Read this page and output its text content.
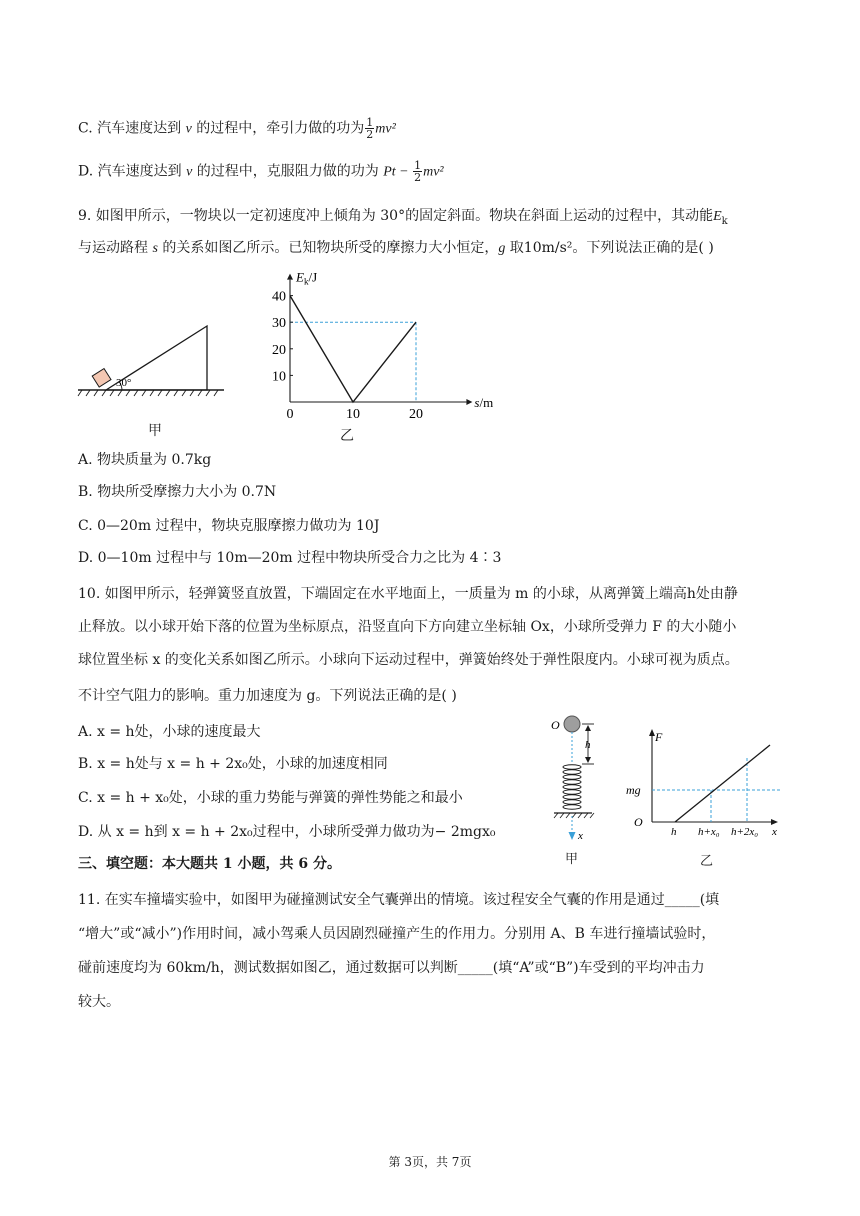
C. 汽车速度达到 v 的过程中，牵引力做的功为 $\frac{1}{2} mv^2$
D. 汽车速度达到 v 的过程中，克服阻力做的功为 $Pt - \frac{1}{2} mv^2$
9. 如图甲所示，一物块以一定初速度冲上倾角为 30°的固定斜面。物块在斜面上运动的过程中，其动能$E_k$
与运动路程 s 的关系如图乙所示。已知物块所受的摩擦力大小恒定，g 取10m/s²。下列说法正确的是( )
30°
甲
10
20
30
40
0	10	20
$E_k/J$
s/m
乙
A. 物块质量为 0.7kg
B. 物块所受摩擦力大小为 0.7N
C. 0—20m 过程中，物块克服摩擦力做功为 10J
D. 0—10m 过程中与 10m—20m 过程中物块所受合力之比为 4∶3
10. 如图甲所示，轻弹簧竖直放置，下端固定在水平地面上，一质量为 m 的小球，从离弹簧上端高h处由静
止释放。以小球开始下落的位置为坐标原点，沿竖直向下方向建立坐标轴 Ox，小球所受弹力 F 的大小随小
球位置坐标 x 的变化关系如图乙所示。小球向下运动过程中，弹簧始终处于弹性限度内。小球可视为质点。
不计空气阻力的影响。重力加速度为 g。下列说法正确的是( )
A. x = h处，小球的速度最大
B. x = h处与 x = h + 2x₀处，小球的加速度相同
C. x = h + x₀处，小球的重力势能与弹簧的弹性势能之和最小
D. 从 x = h到 x = h + 2x₀过程中，小球所受弹力做功为− 2mgx₀
O
h
x
甲
F
mg
O
h h+x₀ h+2x₀ x
乙
三、填空题：本大题共 1 小题，共 6 分。
11. 在实车撞墙实验中，如图甲为碰撞测试安全气囊弹出的情境。该过程安全气囊的作用是通过_____(填
“增大”或“减小”)作用时间，减小驾乘人员因剧烈碰撞产生的作用力。分别用 A、B 车进行撞墙试验时，
碰前速度均为 60km/h，测试数据如图乙，通过数据可以判断_____(填“A”或“B”)车受到的平均冲击力
较大。
第 3页，共 7页
